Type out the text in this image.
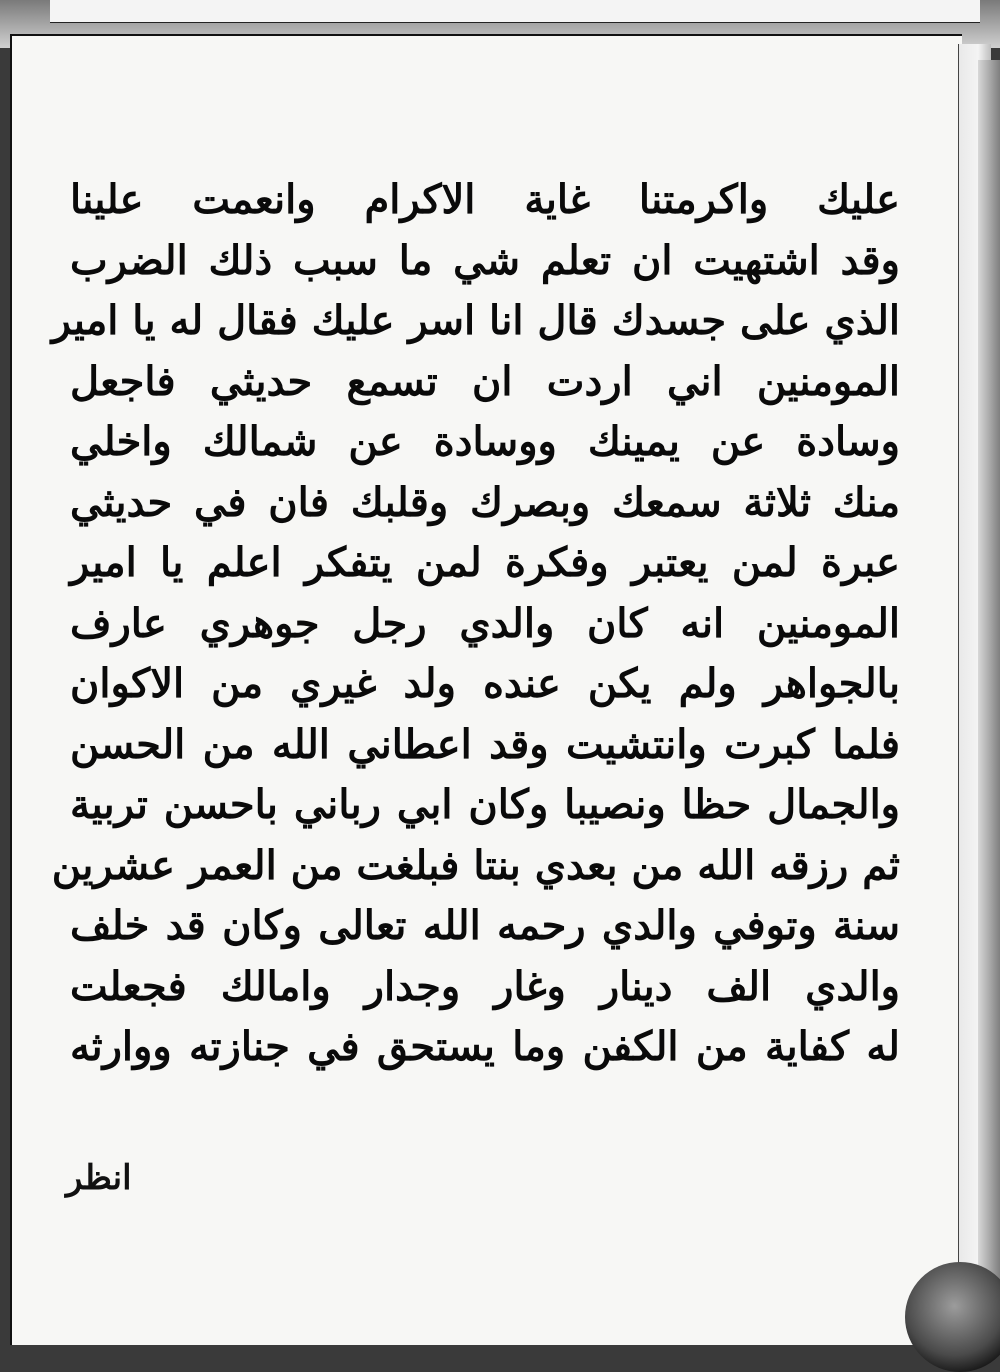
عليك واكرمتنا غاية الاكرام وانعمت علينا
وقد اشتهيت ان تعلم شي ما سبب ذلك الضرب
الذي على جسدك قال انا اسر عليك فقال له يا امير
المومنين اني اردت ان تسمع حديثي فاجعل
وسادة عن يمينك ووسادة عن شمالك واخلي
منك ثلاثة سمعك وبصرك وقلبك فان في حديثي
عبرة لمن يعتبر وفكرة لمن يتفكر اعلم يا امير
المومنين انه كان والدي رجل جوهري عارف
بالجواهر ولم يكن عنده ولد غيري من الاكوان
فلما كبرت وانتشيت وقد اعطاني الله من الحسن
والجمال حظا ونصيبا وكان ابي رباني باحسن تربية
ثم رزقه الله من بعدي بنتا فبلغت من العمر عشرين
سنة وتوفي والدي رحمه الله تعالى وكان قد خلف
والدي الف دينار وغار وجدار وامالك فجعلت
له كفاية من الكفن وما يستحق في جنازته ووارثه
انظر
